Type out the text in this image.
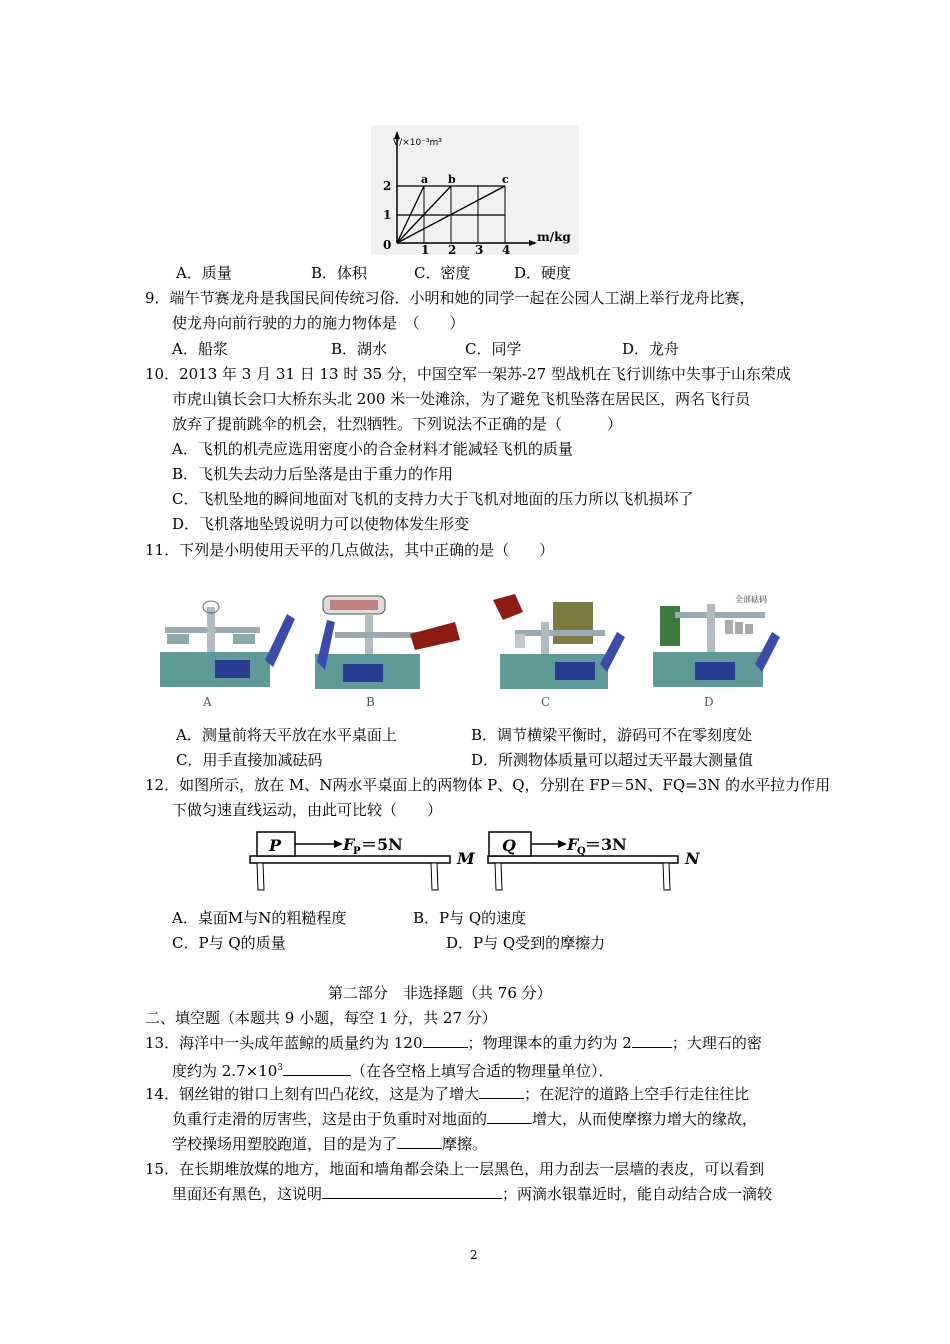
V/×10⁻³m³
2
1
0 1 2 3 4
m/kg
a b	c
A．质量	B．体积	C．密度	D．硬度
9．端午节赛龙舟是我国民间传统习俗．小明和她的同学一起在公园人工湖上举行龙舟比赛，
使龙舟向前行驶的力的施力物体是　（　　）
A．船浆	B．湖水	C．同学	D．龙舟
10．2013 年 3 月 31 日 13 时 35 分，中国空军一架苏-27 型战机在飞行训练中失事于山东荣成
市虎山镇长会口大桥东头北 200 米一处滩涂，为了避免飞机坠落在居民区，两名飞行员
放弃了提前跳伞的机会，壮烈牺牲。下列说法不正确的是（　　　）
A．飞机的机壳应选用密度小的合金材料才能减轻飞机的质量
B．飞机失去动力后坠落是由于重力的作用
C．飞机坠地的瞬间地面对飞机的支持力大于飞机对地面的压力所以飞机损坏了
D．飞机落地坠毁说明力可以使物体发生形变
11．下列是小明使用天平的几点做法，其中正确的是（　　）
A	B	C
全部砝码
D
A．测量前将天平放在水平桌面上	B．调节横梁平衡时，游码可不在零刻度处
C．用手直接加减砝码	D．所测物体质量可以超过天平最大测量值
12．如图所示，放在 M、N两水平桌面上的两物体 P、Q，分别在 FP＝5N、FQ=3N 的水平拉力作用
下做匀速直线运动，由此可比较（　　）
P	F
P ＝5N
M
Q	F
Q ＝3N
N
A．桌面M与N的粗糙程度	B．P与 Q的速度
C．P与 Q的质量	D．P与 Q受到的摩擦力
第二部分　非选择题（共 76 分）
二、填空题（本题共 9 小题，每空 1 分，共 27 分）
13．海洋中一头成年蓝鲸的质量约为 120	；物理课本的重力约为 2	；大理石的密
度约为 $2.7\times 10^3$	（在各空格上填写合适的物理量单位）．
14．钢丝钳的钳口上刻有凹凸花纹，这是为了增大	；在泥泞的道路上空手行走往往比
负重行走滑的厉害些，这是由于负重时对地面的	增大，从而使摩擦力增大的缘故，
学校操场用塑胶跑道，目的是为了	摩擦。
15．在长期堆放煤的地方，地面和墙角都会染上一层黑色，用力刮去一层墙的表皮，可以看到
里面还有黑色，这说明	；两滴水银靠近时，能自动结合成一滴较
2
